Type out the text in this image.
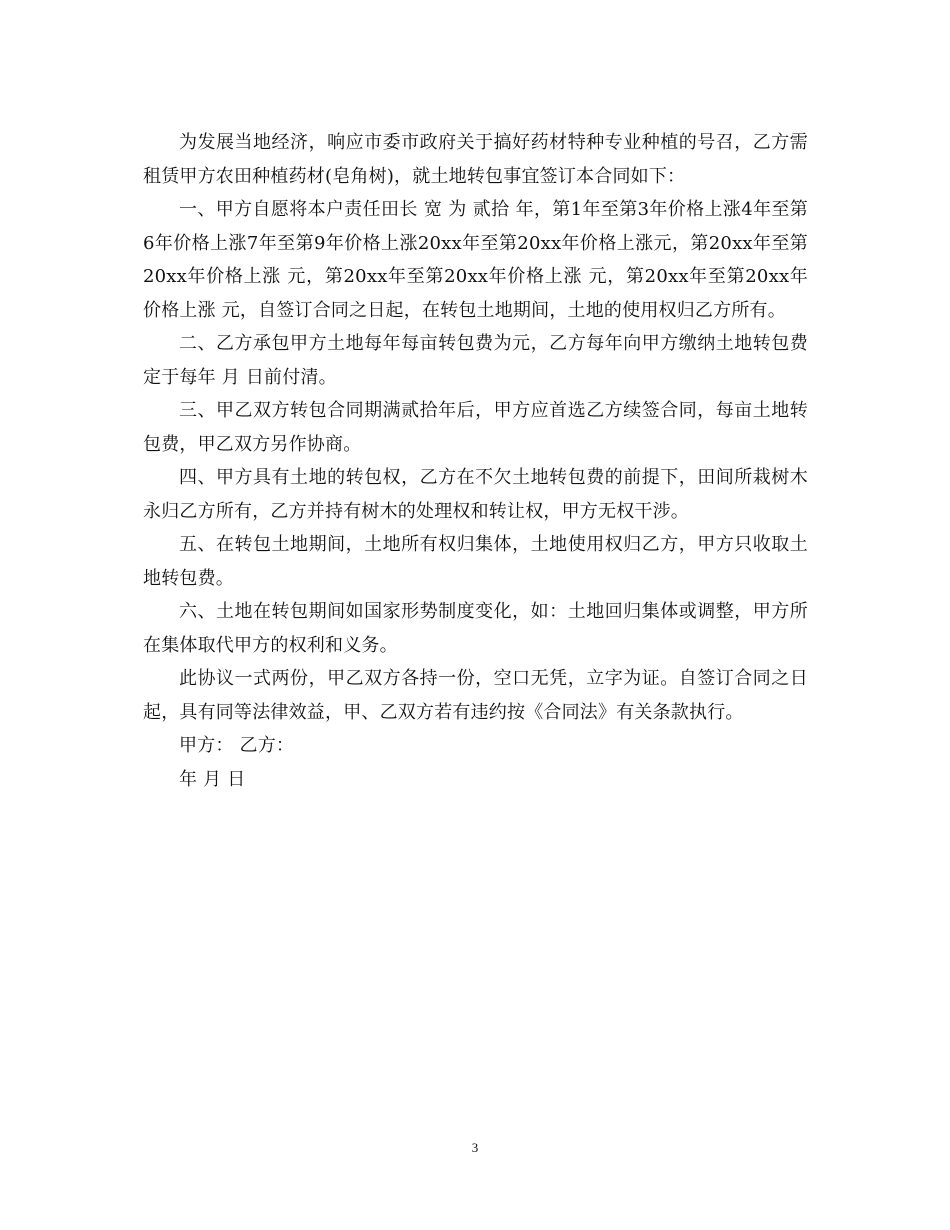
为发展当地经济，响应市委市政府关于搞好药材特种专业种植的号召，乙方需租赁甲方农田种植药材(皂角树)，就土地转包事宜签订本合同如下：

一、甲方自愿将本户责任田长 宽 为 贰拾 年，第1年至第3年价格上涨4年至第6年价格上涨7年至第9年价格上涨20xx年至第20xx年价格上涨元，第20xx年至第20xx年价格上涨 元，第20xx年至第20xx年价格上涨 元，第20xx年至第20xx年价格上涨 元，自签订合同之日起，在转包土地期间，土地的使用权归乙方所有。

二、乙方承包甲方土地每年每亩转包费为元，乙方每年向甲方缴纳土地转包费定于每年 月 日前付清。

三、甲乙双方转包合同期满贰拾年后，甲方应首选乙方续签合同，每亩土地转包费，甲乙双方另作协商。

四、甲方具有土地的转包权，乙方在不欠土地转包费的前提下，田间所栽树木永归乙方所有，乙方并持有树木的处理权和转让权，甲方无权干涉。

五、在转包土地期间，土地所有权归集体，土地使用权归乙方，甲方只收取土地转包费。

六、土地在转包期间如国家形势制度变化，如：土地回归集体或调整，甲方所在集体取代甲方的权利和义务。

此协议一式两份，甲乙双方各持一份，空口无凭，立字为证。自签订合同之日起，具有同等法律效益，甲、乙双方若有违约按《合同法》有关条款执行。

甲方： 乙方：

年 月 日

3
